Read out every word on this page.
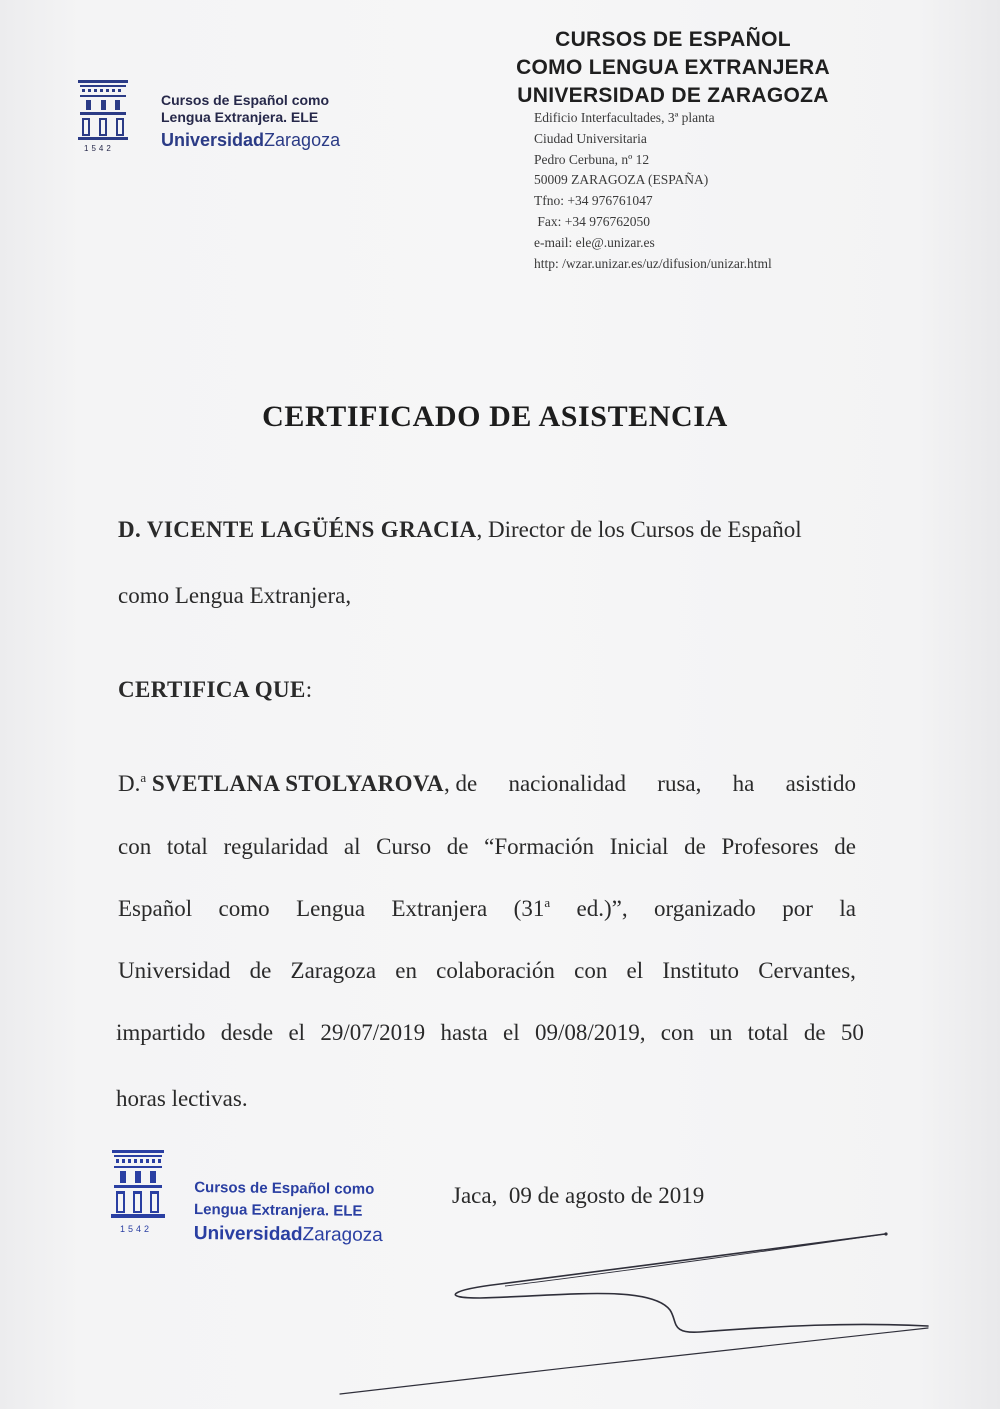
Cursos de Español como
Lengua Extranjera. ELE
UniversidadZaragoza
1542
CURSOS DE ESPAÑOL
COMO LENGUA EXTRANJERA
UNIVERSIDAD DE ZARAGOZA
Edificio Interfacultades, 3ª planta
Ciudad Universitaria
Pedro Cerbuna, nº 12
50009 ZARAGOZA (ESPAÑA)
Tfno: +34 976761047
Fax: +34 976762050
e-mail: ele@.unizar.es
http: /wzar.unizar.es/uz/difusion/unizar.html
CERTIFICADO DE ASISTENCIA
D. VICENTE LAGÜÉNS GRACIA, Director de los Cursos de Español
como Lengua Extranjera,
CERTIFICA QUE:
D.$^a$ SVETLANA STOLYAROVA, de nacionalidad rusa, ha asistido
con total regularidad al Curso de “Formación Inicial de Profesores de
Español como Lengua Extranjera (31$^a$ ed.)”, organizado por la
Universidad de Zaragoza en colaboración con el Instituto Cervantes,
impartido desde el 29/07/2019 hasta el 09/08/2019, con un total de 50
horas lectivas.
1542
Cursos de Español como
Lengua Extranjera. ELE
UniversidadZaragoza
Jaca,  09 de agosto de 2019
